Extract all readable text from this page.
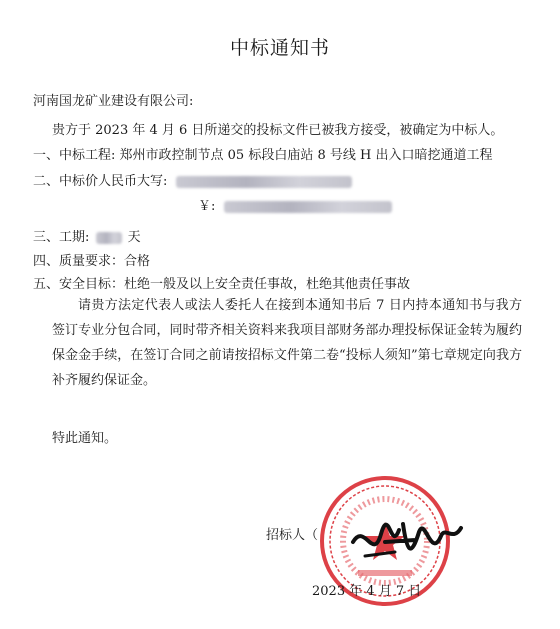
中标通知书
河南国龙矿业建设有限公司:
贵方于 2023 年 4 月 6 日所递交的投标文件已被我方接受，被确定为中标人。
一、中标工程: 郑州市政控制节点 05 标段白庙站 8 号线 H 出入口暗挖通道工程
二、中标价人民币大写:
￥:
三、工期:	天
四、质量要求：合格
五、安全目标：杜绝一般及以上安全责任事故，杜绝其他责任事故
请贵方法定代表人或法人委托人在接到本通知书后 7 日内持本通知书与我方签订专业分包合同，同时带齐相关资料来我项目部财务部办理投标保证金转为履约保金金手续，在签订合同之前请按招标文件第二卷“投标人须知”第七章规定向我方补齐履约保证金。
特此通知。
招标人（
2023 年 4 月 7 日
